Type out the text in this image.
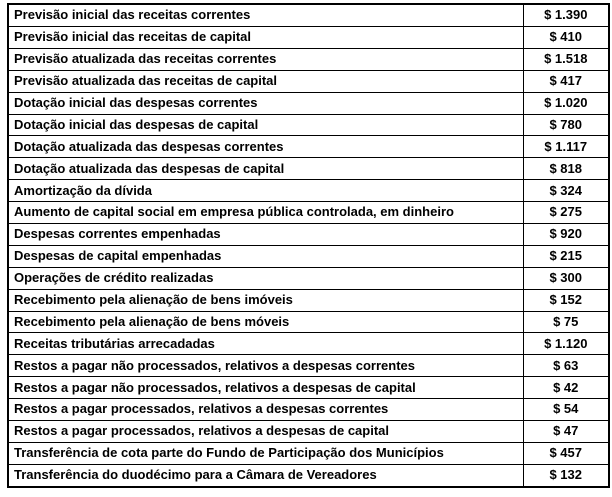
Previsão inicial das receitas correntes	$ 1.390
Previsão inicial das receitas de capital	$ 410
Previsão atualizada das receitas correntes	$ 1.518
Previsão atualizada das receitas de capital	$ 417
Dotação inicial das despesas correntes	$ 1.020
Dotação inicial das despesas de capital	$ 780
Dotação atualizada das despesas correntes	$ 1.117
Dotação atualizada das despesas de capital	$ 818
Amortização da dívida	$ 324
Aumento de capital social em empresa pública controlada, em dinheiro	$ 275
Despesas correntes empenhadas	$ 920
Despesas de capital empenhadas	$ 215
Operações de crédito realizadas	$ 300
Recebimento pela alienação de bens imóveis	$ 152
Recebimento pela alienação de bens móveis	$ 75
Receitas tributárias arrecadadas	$ 1.120
Restos a pagar não processados, relativos a despesas correntes	$ 63
Restos a pagar não processados, relativos a despesas de capital	$ 42
Restos a pagar processados, relativos a despesas correntes	$ 54
Restos a pagar processados, relativos a despesas de capital	$ 47
Transferência de cota parte do Fundo de Participação dos Municípios	$ 457
Transferência do duodécimo para a Câmara de Vereadores	$ 132
